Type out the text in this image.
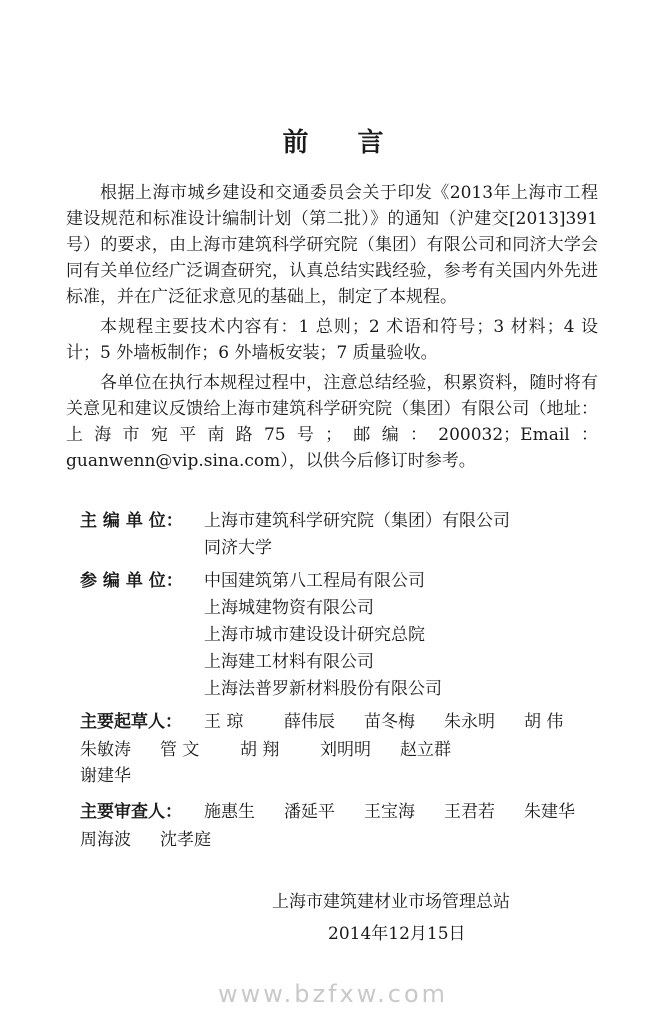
前 言

根据上海市城乡建设和交通委员会关于印发《2013年上海市工程建设规范和标准设计编制计划（第二批）》的通知（沪建交[2013]391号）的要求，由上海市建筑科学研究院（集团）有限公司和同济大学会同有关单位经广泛调查研究，认真总结实践经验，参考有关国内外先进标准，并在广泛征求意见的基础上，制定了本规程。

本规程主要技术内容有：1 总则；2 术语和符号；3 材料；4 设计；5 外墙板制作；6 外墙板安装；7 质量验收。

各单位在执行本规程过程中，注意总结经验，积累资料，随时将有关意见和建议反馈给上海市建筑科学研究院（集团）有限公司（地址：上海市宛平南路75号；邮编：200032；Email：guanwenn@vip.sina.com），以供今后修订时参考。

主 编 单 位：	上海市建筑科学研究院（集团）有限公司
同济大学
参 编 单 位：	中国建筑第八工程局有限公司
上海城建物资有限公司
上海市城市建设设计研究总院
上海建工材料有限公司
上海法普罗新材料股份有限公司
主要起草人：	王 琼	薛伟辰	苗冬梅	朱永明	胡 伟
朱敏涛	管 文	胡 翔	刘明明	赵立群
谢建华
主要审查人：	施惠生	潘延平	王宝海	王君若	朱建华
周海波	沈孝庭
上海市建筑建材业市场管理总站
2014年12月15日
www.bzfxw.com
